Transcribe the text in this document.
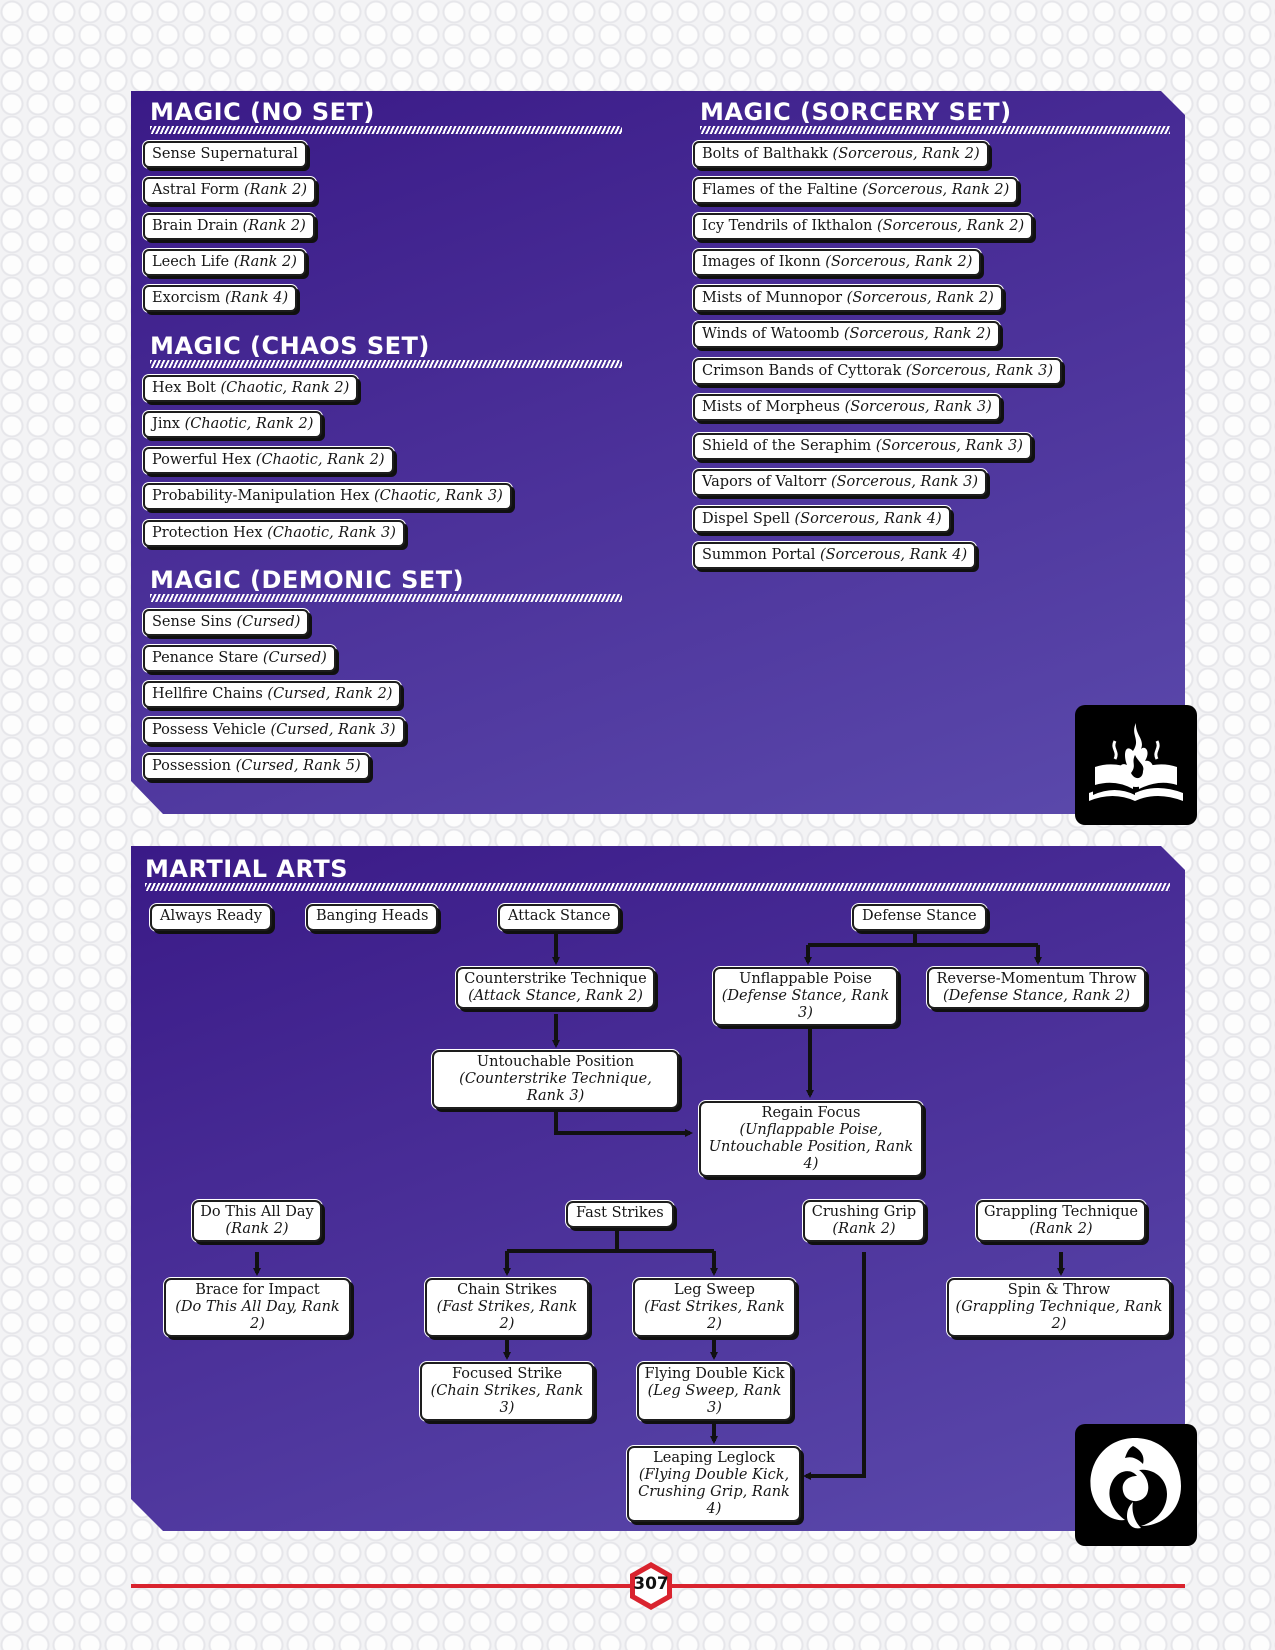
MAGIC (NO SET)	MAGIC (SORCERY SET)
MAGIC (CHAOS SET)
MAGIC (DEMONIC SET)
Sense Supernatural
Astral Form (Rank 2)
Brain Drain (Rank 2)
Leech Life (Rank 2)
Exorcism (Rank 4)
Hex Bolt (Chaotic, Rank 2)
Jinx (Chaotic, Rank 2)
Powerful Hex (Chaotic, Rank 2)
Probability-Manipulation Hex (Chaotic, Rank 3)
Protection Hex (Chaotic, Rank 3)
Sense Sins (Cursed)
Penance Stare (Cursed)
Hellfire Chains (Cursed, Rank 2)
Possess Vehicle (Cursed, Rank 3)
Possession (Cursed, Rank 5)
Bolts of Balthakk (Sorcerous, Rank 2)
Flames of the Faltine (Sorcerous, Rank 2)
Icy Tendrils of Ikthalon (Sorcerous, Rank 2)
Images of Ikonn (Sorcerous, Rank 2)
Mists of Munnopor (Sorcerous, Rank 2)
Winds of Watoomb (Sorcerous, Rank 2)
Crimson Bands of Cyttorak (Sorcerous, Rank 3)
Mists of Morpheus (Sorcerous, Rank 3)
Shield of the Seraphim (Sorcerous, Rank 3)
Vapors of Valtorr (Sorcerous, Rank 3)
Dispel Spell (Sorcerous, Rank 4)
Summon Portal (Sorcerous, Rank 4)
MARTIAL ARTS
Always Ready	Banging Heads	Attack Stance	Defense Stance
Counterstrike Technique
(Attack Stance, Rank 2)
Unflappable Poise
(Defense Stance, Rank 3)
Reverse-Momentum Throw
(Defense Stance, Rank 2)
Untouchable Position
(Counterstrike Technique, Rank 3)
Regain Focus
(Unflappable Poise,
Untouchable Position, Rank 4)
Do This All Day
(Rank 2)
Brace for Impact
(Do This All Day, Rank 2)
Fast Strikes
Chain Strikes
(Fast Strikes, Rank 2)
Leg Sweep
(Fast Strikes, Rank 2)
Focused Strike
(Chain Strikes, Rank 3)
Flying Double Kick
(Leg Sweep, Rank 3)
Leaping Leglock
(Flying Double Kick,
Crushing Grip, Rank 4)
Crushing Grip
(Rank 2)
Grappling Technique
(Rank 2)
Spin & Throw
(Grappling Technique, Rank 2)
307
